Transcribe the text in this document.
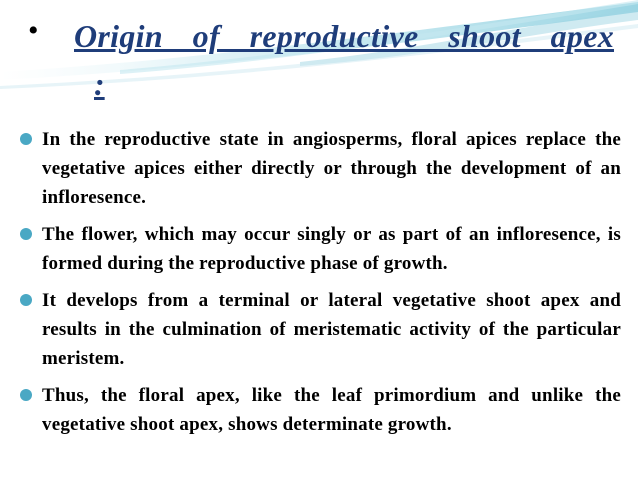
• Origin of reproductive shoot apex
:
In the reproductive state in angiosperms, floral apices replace the vegetative apices either directly or through the development of an infloresence.
The flower, which may occur singly or as part of an infloresence, is formed during the reproductive phase of growth.
It develops from a terminal or lateral vegetative shoot apex and results in the culmination of meristematic activity of the particular meristem.
Thus, the floral apex, like the leaf primordium and unlike the vegetative shoot apex, shows determinate growth.
